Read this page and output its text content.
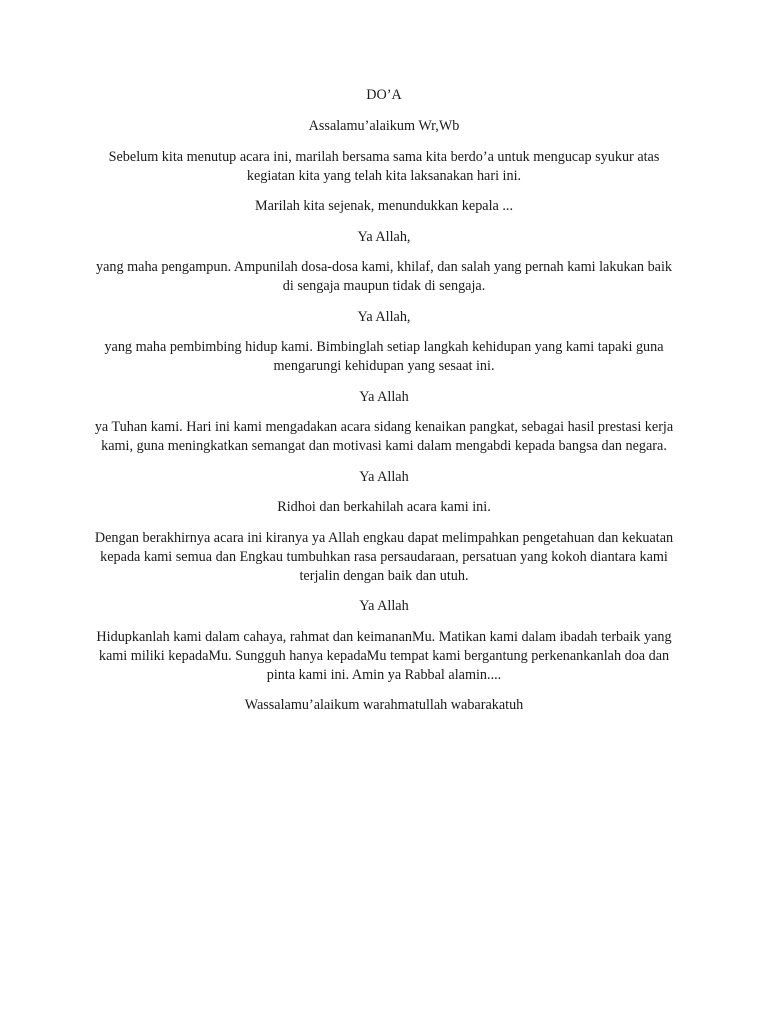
DO’A

Assalamu’alaikum Wr,Wb

Sebelum kita menutup acara ini, marilah bersama sama kita berdo’a untuk mengucap syukur atas kegiatan kita yang telah kita laksanakan hari ini.

Marilah kita sejenak, menundukkan kepala ...

Ya Allah,

yang maha pengampun. Ampunilah dosa-dosa kami, khilaf, dan salah yang pernah kami lakukan baik di sengaja maupun tidak di sengaja.

Ya Allah,

yang maha pembimbing hidup kami. Bimbinglah setiap langkah kehidupan yang kami tapaki guna mengarungi kehidupan yang sesaat ini.

Ya Allah

ya Tuhan kami. Hari ini kami mengadakan acara sidang kenaikan pangkat, sebagai hasil prestasi kerja kami, guna meningkatkan semangat dan motivasi kami dalam mengabdi kepada bangsa dan negara.

Ya Allah

Ridhoi dan berkahilah acara kami ini.

Dengan berakhirnya acara ini kiranya ya Allah engkau dapat melimpahkan pengetahuan dan kekuatan kepada kami semua dan Engkau tumbuhkan rasa persaudaraan, persatuan yang kokoh diantara kami terjalin dengan baik dan utuh.

Ya Allah

Hidupkanlah kami dalam cahaya, rahmat dan keimananMu. Matikan kami dalam ibadah terbaik yang kami miliki kepadaMu. Sungguh hanya kepadaMu tempat kami bergantung perkenankanlah doa dan pinta kami ini. Amin ya Rabbal alamin....

Wassalamu’alaikum warahmatullah wabarakatuh
